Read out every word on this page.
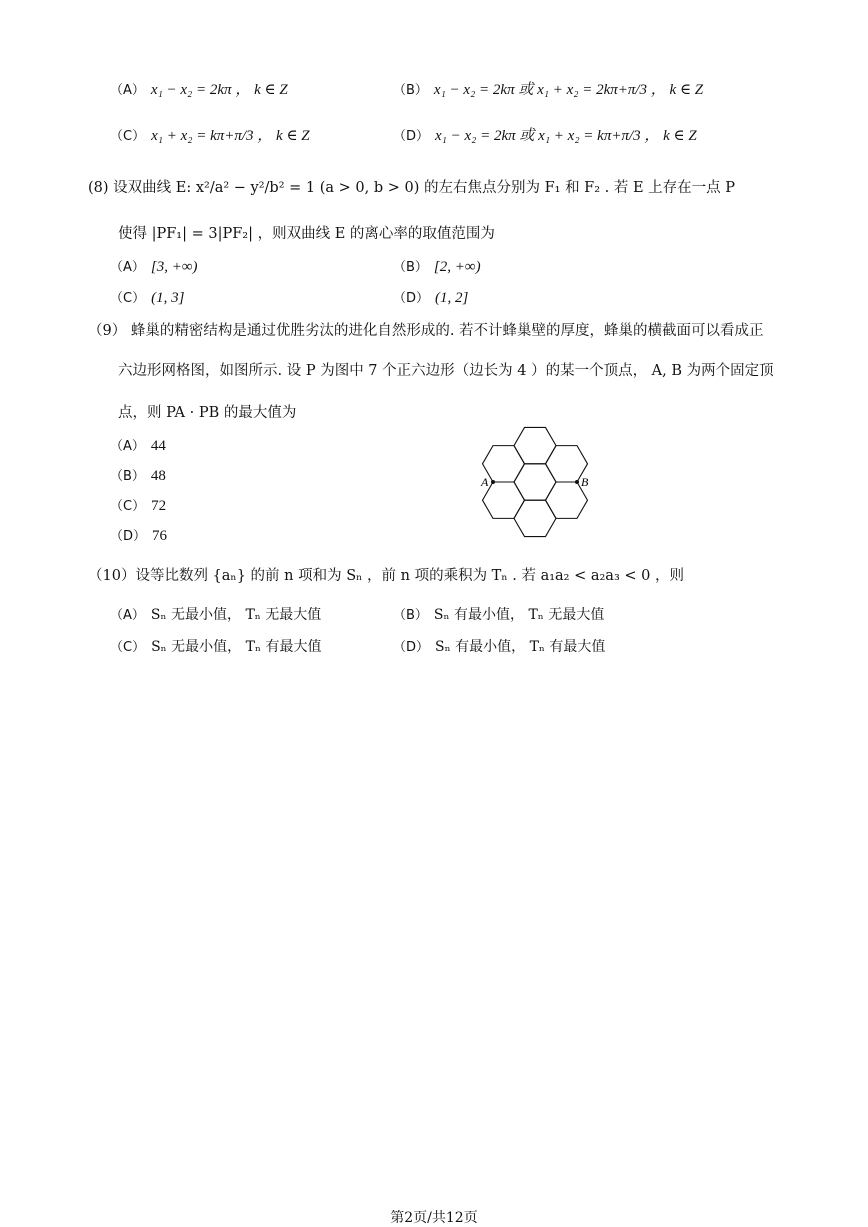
（A） x₁ − x₂ = 2kπ ， k ∈ Z	（B） x₁ − x₂ = 2kπ 或 x₁ + x₂ = 2kπ+π/3 ， k ∈ Z
（C） x₁ + x₂ = kπ+π/3 ， k ∈ Z	（D） x₁ − x₂ = 2kπ 或 x₁ + x₂ = kπ+π/3 ， k ∈ Z
(8) 设双曲线 E: x²/a² − y²/b² = 1 (a > 0, b > 0) 的左右焦点分别为 F₁ 和 F₂ . 若 E 上存在一点 P
使得 |PF₁| = 3|PF₂| ，则双曲线 E 的离心率的取值范围为
（A） [3, +∞)	（B） [2, +∞)
（C） (1, 3]	（D） (1, 2]
（9） 蜂巢的精密结构是通过优胜劣汰的进化自然形成的. 若不计蜂巢壁的厚度，蜂巢的横截面可以看成正
六边形网格图，如图所示. 设 P 为图中 7 个正六边形（边长为 4 ）的某一个顶点， A, B 为两个固定顶
点，则 PA · PB 的最大值为
（A） 44
（B） 48
（C） 72
（D） 76
A	B
（10）设等比数列 {aₙ} 的前 n 项和为 Sₙ ，前 n 项的乘积为 Tₙ . 若 a₁a₂ < a₂a₃ < 0 ，则
（A） Sₙ 无最小值， Tₙ 无最大值	（B） Sₙ 有最小值， Tₙ 无最大值
（C） Sₙ 无最小值， Tₙ 有最大值	（D） Sₙ 有最小值， Tₙ 有最大值
第2页/共12页
